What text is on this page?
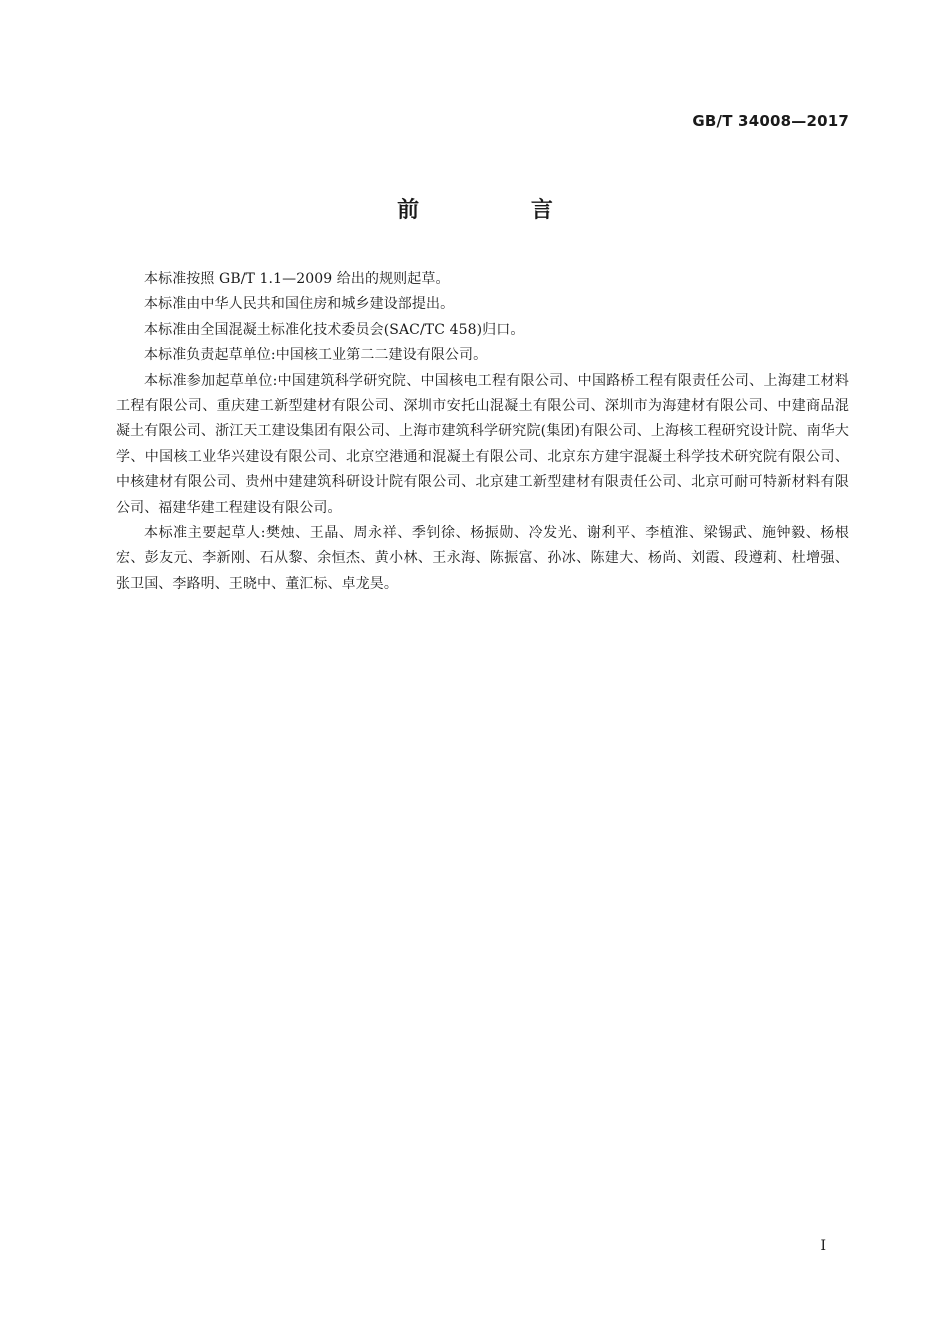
GB/T 34008—2017
前 言

本标准按照 GB/T 1.1—2009 给出的规则起草。

本标准由中华人民共和国住房和城乡建设部提出。

本标准由全国混凝土标准化技术委员会(SAC/TC 458)归口。

本标准负责起草单位:中国核工业第二二建设有限公司。

本标准参加起草单位:中国建筑科学研究院、中国核电工程有限公司、中国路桥工程有限责任公司、上海建工材料工程有限公司、重庆建工新型建材有限公司、深圳市安托山混凝土有限公司、深圳市为海建材有限公司、中建商品混凝土有限公司、浙江天工建设集团有限公司、上海市建筑科学研究院(集团)有限公司、上海核工程研究设计院、南华大学、中国核工业华兴建设有限公司、北京空港通和混凝土有限公司、北京东方建宇混凝土科学技术研究院有限公司、中核建材有限公司、贵州中建建筑科研设计院有限公司、北京建工新型建材有限责任公司、北京可耐可特新材料有限公司、福建华建工程建设有限公司。

本标准主要起草人:樊烛、王晶、周永祥、季钊徐、杨振勋、冷发光、谢利平、李植淮、梁锡武、施钟毅、杨根宏、彭友元、李新刚、石从黎、余恒杰、黄小林、王永海、陈振富、孙冰、陈建大、杨尚、刘霞、段遵莉、杜增强、张卫国、李路明、王晓中、董汇标、卓龙昊。

I
